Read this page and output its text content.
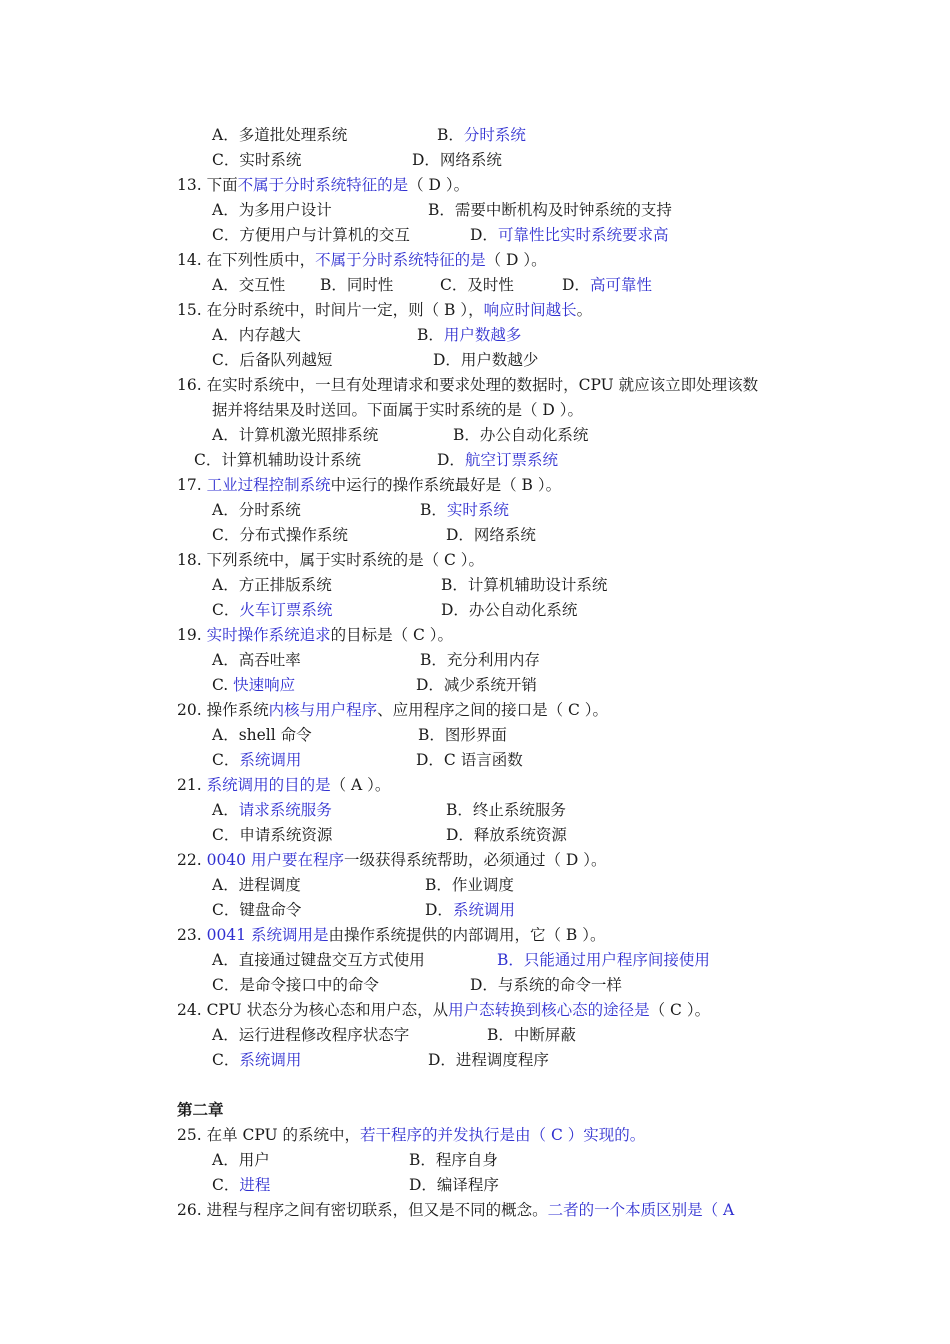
A．多道批处理系统	B．分时系统
C．实时系统	D．网络系统
13. 下面不属于分时系统特征的是（ D ）。
A．为多用户设计	B．需要中断机构及时钟系统的支持
C．方便用户与计算机的交互	D．可靠性比实时系统要求高
14. 在下列性质中，不属于分时系统特征的是（ D ）。
A．交互性 B．同时性	C．及时性	D．高可靠性
15. 在分时系统中，时间片一定，则（ B ），响应时间越长。
A．内存越大	B．用户数越多
C．后备队列越短	D．用户数越少
16. 在实时系统中，一旦有处理请求和要求处理的数据时，CPU 就应该立即处理该数
据并将结果及时送回。下面属于实时系统的是（ D ）。
A．计算机激光照排系统	B．办公自动化系统
C．计算机辅助设计系统	D．航空订票系统
17. 工业过程控制系统中运行的操作系统最好是（ B ）。
A．分时系统	B．实时系统
C．分布式操作系统	D．网络系统
18. 下列系统中，属于实时系统的是（ C ）。
A．方正排版系统	B．计算机辅助设计系统
C．火车订票系统	D．办公自动化系统
19. 实时操作系统追求的目标是（ C ）。
A．高吞吐率	B．充分利用内存
C. 快速响应	D．减少系统开销
20. 操作系统内核与用户程序、应用程序之间的接口是（ C ）。
A．shell 命令	B．图形界面
C．系统调用	D．C 语言函数
21. 系统调用的目的是（ A ）。
A．请求系统服务	B．终止系统服务
C．申请系统资源	D．释放系统资源
22. 0040 用户要在程序一级获得系统帮助，必须通过（ D ）。
A．进程调度	B．作业调度
C．键盘命令	D．系统调用
23. 0041 系统调用是由操作系统提供的内部调用，它（ B ）。
A．直接通过键盘交互方式使用	B．只能通过用户程序间接使用
C．是命令接口中的命令	D．与系统的命令一样
24. CPU 状态分为核心态和用户态，从用户态转换到核心态的途径是（ C ）。
A．运行进程修改程序状态字	B．中断屏蔽
C．系统调用	D．进程调度程序
第二章
25. 在单 CPU 的系统中，若干程序的并发执行是由（ C ）实现的。
A．用户	B．程序自身
C．进程	D．编译程序
26. 进程与程序之间有密切联系，但又是不同的概念。二者的一个本质区别是（ A
